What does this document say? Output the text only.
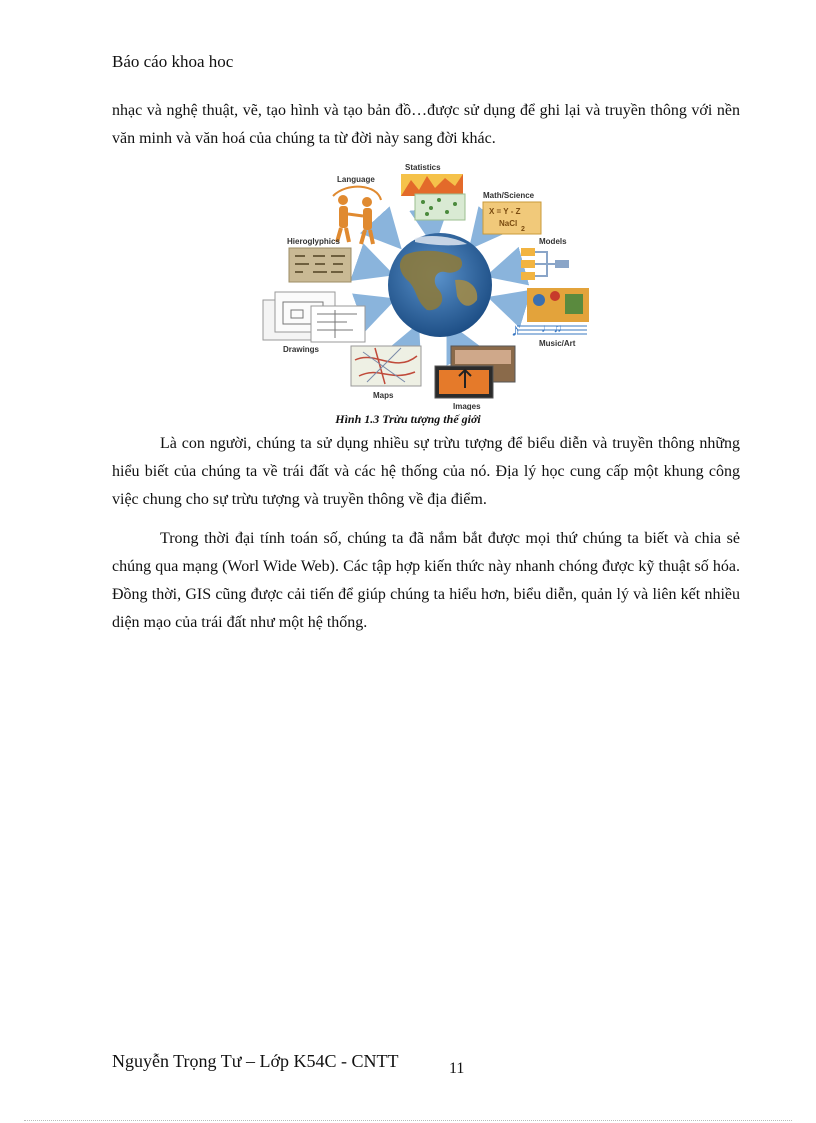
Báo cáo khoa hoc

nhạc và nghệ thuật, vẽ, tạo hình và tạo bản đồ…được sử dụng để ghi lại và truyền thông với nền văn minh và văn hoá của chúng ta từ đời này sang đời khác.

Language
Statistics
Math/Science
X = Y - Z
NaCl
2
Hieroglyphics	Models
Drawings
♪ ♩♫
Music/Art
Maps
Images
Hình 1.3 Trừu tượng thế giới

Là con người, chúng ta sử dụng nhiều sự trừu tượng để biểu diễn và truyền thông những hiểu biết của chúng ta về trái đất và các hệ thống của nó. Địa lý học cung cấp một khung công việc chung cho sự trừu tượng và truyền thông về địa điểm.

Trong thời đại tính toán số, chúng ta đã nắm bắt được mọi thứ chúng ta biết và chia sẻ chúng qua mạng (Worl Wide Web). Các tập hợp kiến thức này nhanh chóng được kỹ thuật số hóa. Đồng thời, GIS cũng được cải tiến để giúp chúng ta hiểu hơn, biểu diễn, quản lý và liên kết nhiều diện mạo của trái đất như một hệ thống.

Nguyễn Trọng Tư – Lớp K54C - CNTT	11
